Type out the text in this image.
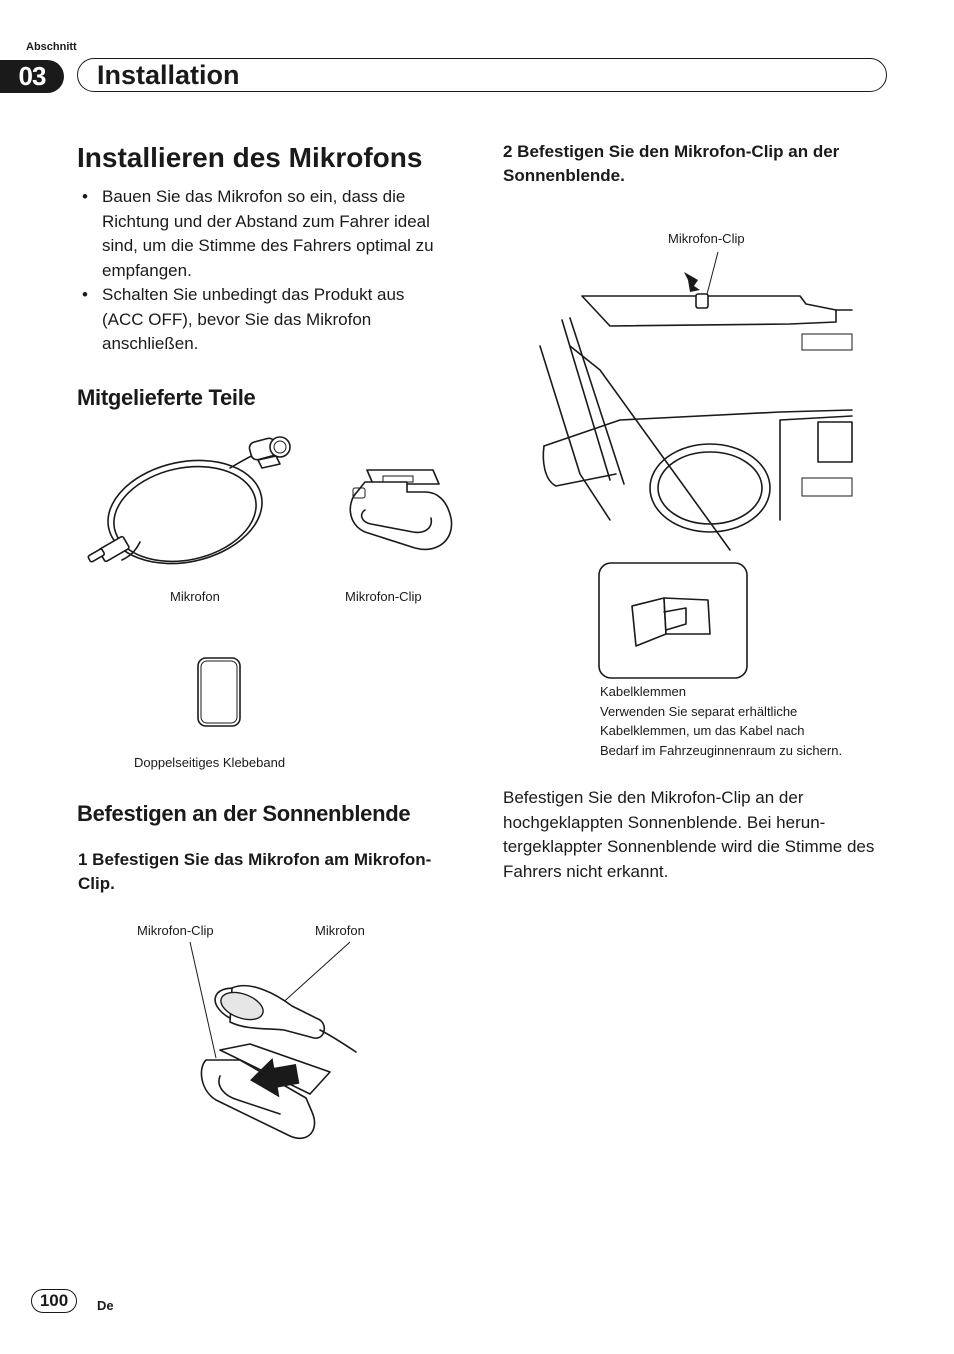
Abschnitt
03	Installation
Installieren des Mikrofons
• Bauen Sie das Mikrofon so ein, dass die Richtung und der Abstand zum Fahrer ideal sind, um die Stimme des Fahrers optimal zu empfangen.
• Schalten Sie unbedingt das Produkt aus (ACC OFF), bevor Sie das Mikrofon anschließen.
Mitgelieferte Teile
Mikrofon	Mikrofon-Clip
Doppelseitiges Klebeband
Befestigen an der Sonnenblende
1 Befestigen Sie das Mikrofon am Mikrofon-Clip.
Mikrofon-Clip	Mikrofon
2 Befestigen Sie den Mikrofon-Clip an der Sonnenblende.
Mikrofon-Clip
Kabelklemmen
Verwenden Sie separat erhältliche
Kabelklemmen, um das Kabel nach
Bedarf im Fahrzeuginnenraum zu sichern.
Befestigen Sie den Mikrofon-Clip an der hochgeklappten Sonnenblende. Bei herun-tergeklappter Sonnenblende wird die Stimme des Fahrers nicht erkannt.
100	De
